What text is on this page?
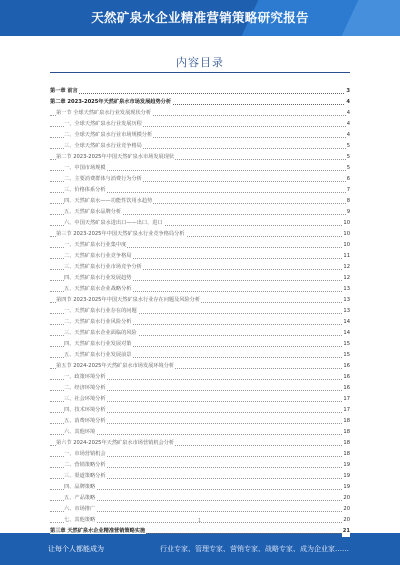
天然矿泉水企业精准营销策略研究报告
内容目录
第一章 前言	3
第二章 2023-2025年天然矿泉水市场发展趋势分析	4
第一节 全球天然矿泉水行业发展现状分析	4
一、全球天然矿泉水行业发展历程	4
二、全球天然矿泉水行业市场规模分析	4
三、全球天然矿泉水行业竞争格局	5
第二节 2023-2025年中国天然矿泉水市场发展现状	5
一、中国市场规模	5
二、主要消费群体与消费行为分析	6
三、价格体系分析	7
四、天然矿泉水——功能性饮用水趋势	8
五、天然矿泉水品牌分析	9
六、中国天然矿泉水进出口——出口、进口	10
第三节 2023-2025年中国天然矿泉水行业竞争格局分析	10
一、天然矿泉水行业集中度	10
二、天然矿泉水行业竞争格局	11
三、天然矿泉水行业市场竞争分析	12
四、天然矿泉水行业发展趋势	12
五、天然矿泉水企业战略分析	13
第四节 2023-2025年中国天然矿泉水行业存在问题及风险分析	13
一、天然矿泉水行业存在的问题	13
二、天然矿泉水行业风险分析	14
三、天然矿泉水企业面临的风险	14
四、天然矿泉水行业发展对策	15
五、天然矿泉水行业发展前景	15
第五节 2024-2025年天然矿泉水市场发展环境分析	16
一、政策环境分析	16
二、经济环境分析	16
三、社会环境分析	17
四、技术环境分析	17
五、消费环境分析	18
六、其他环境	18
第六节 2024-2025年天然矿泉水市场营销机会分析	18
一、市场营销机会	18
二、营销策略分析	19
三、渠道策略分析	19
四、品牌策略	19
五、产品策略	20
六、市场推广	20
七、其他策略	20
第三章 天然矿泉水企业精准营销策略实施	21
1
让每个人都能成为	行业专家、管理专家、营销专家、战略专家、成为企业家……
